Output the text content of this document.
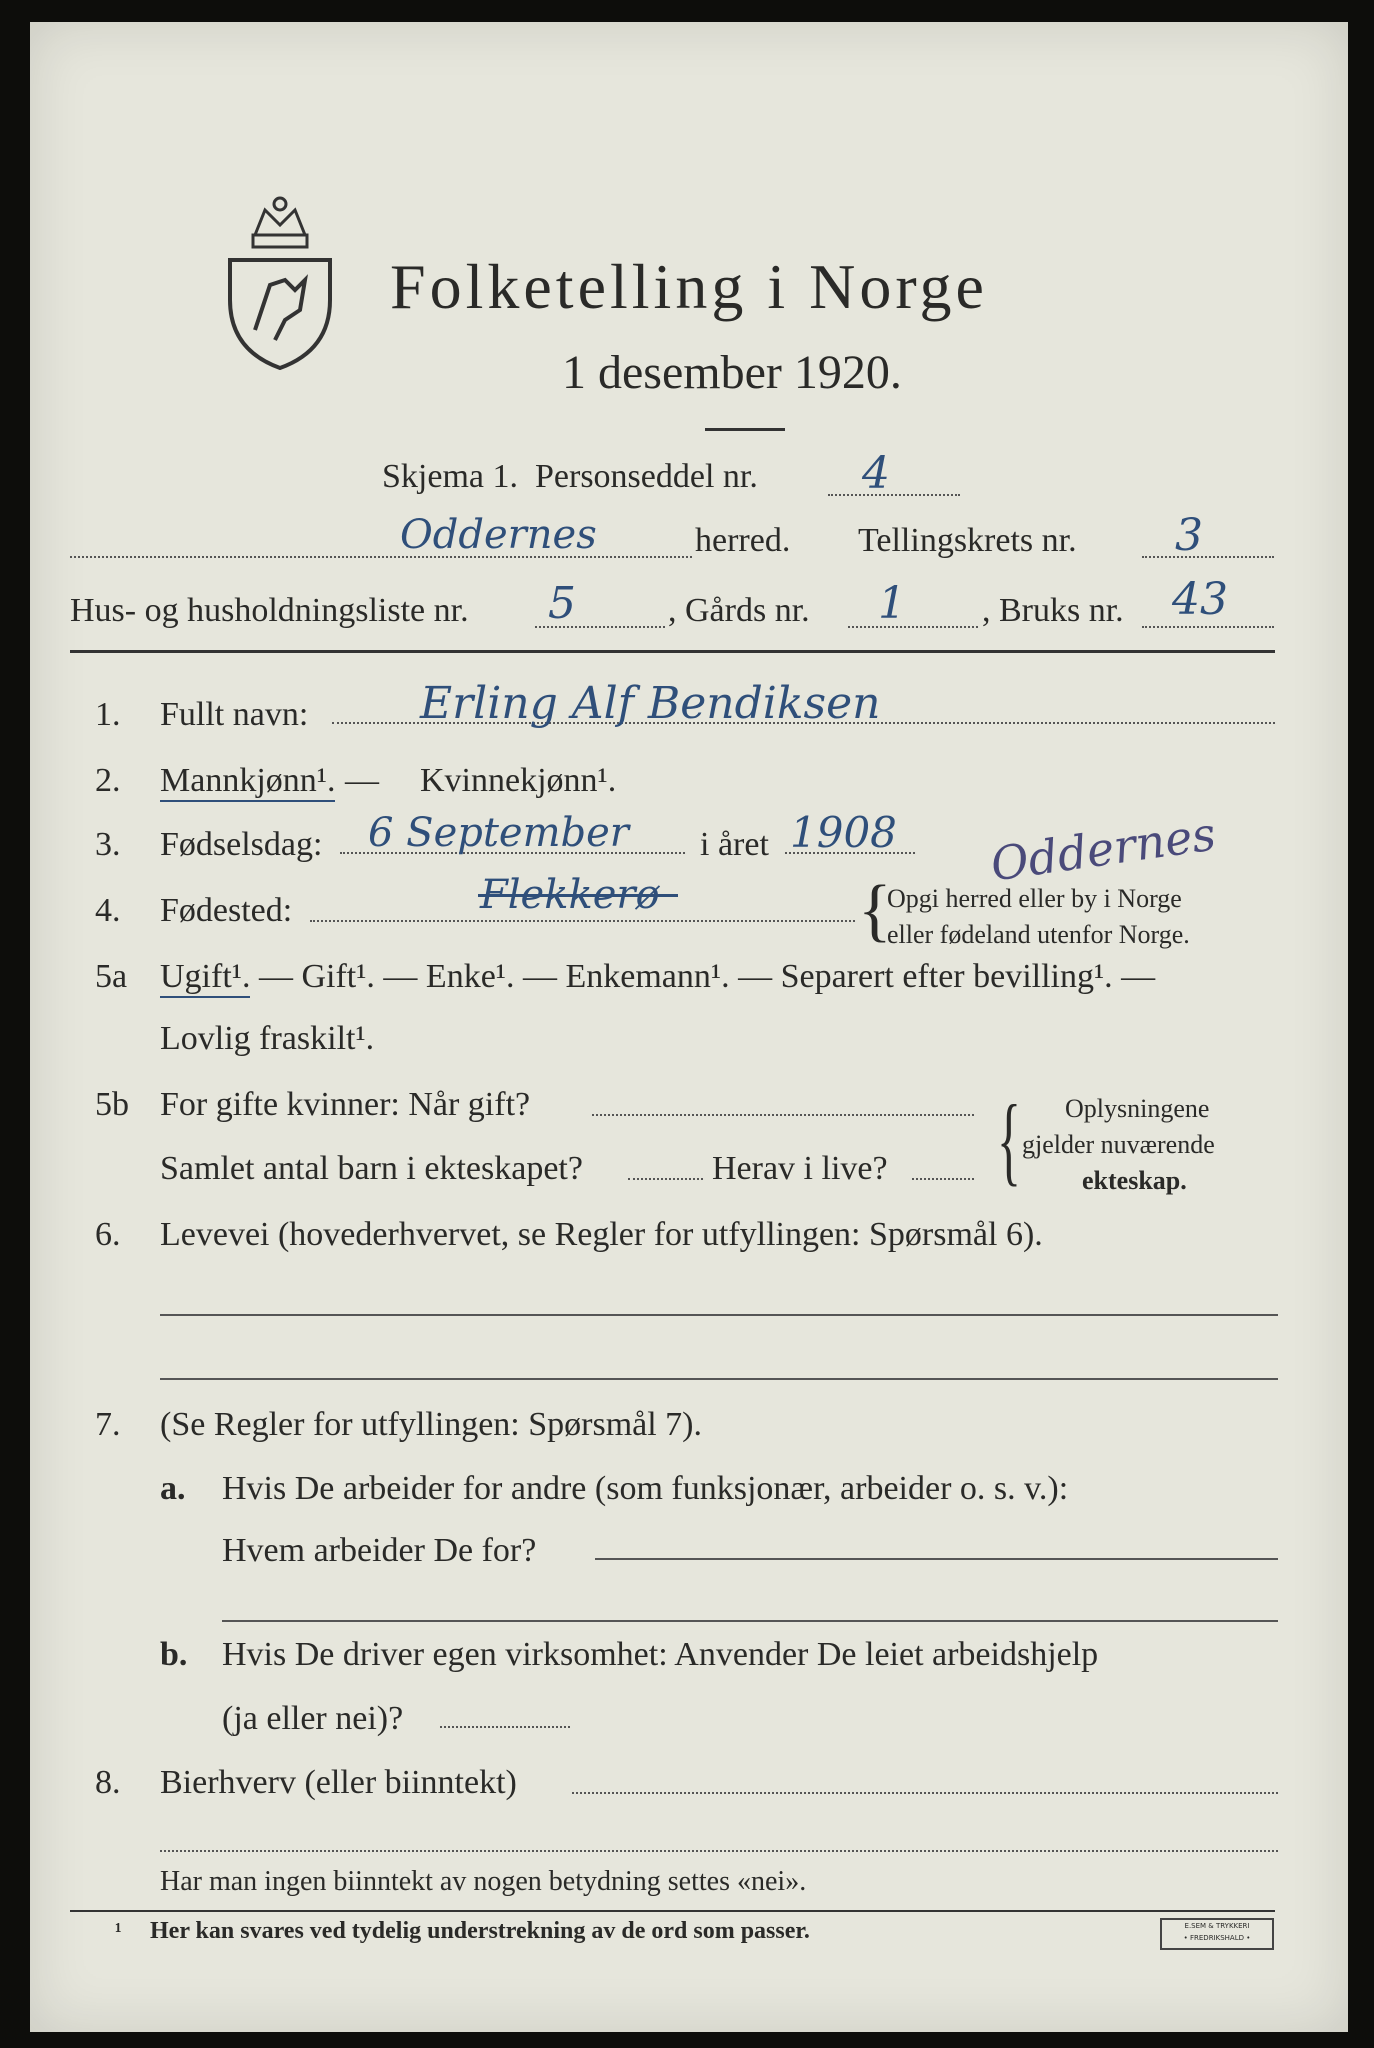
Folketelling i Norge
1 desember 1920.
Skjema 1. Personseddel nr. 4
Oddernes	herred. Tellingskrets nr. 3
Hus- og husholdningsliste nr. 5	, Gårds nr. 1 , Bruks nr. 43
1. Fullt navn:	Erling Alf Bendiksen
2. Mannkjønn¹. — Kvinnekjønn¹.
3. Fødselsdag: 6 September i året 1908 Oddernes
4. Fødested:	Flekkerø	{
Opgi herred eller by i Norge
eller fødeland utenfor Norge.
5a Ugift¹. — Gift¹. — Enke¹. — Enkemann¹. — Separert efter bevilling¹. —
Lovlig fraskilt¹.
5b For gifte kvinner: Når gift?
Samlet antal barn i ekteskapet?	Herav i live? { Oplysningene
gjelder nuværende
ekteskap.
6. Levevei (hovederhvervet, se Regler for utfyllingen: Spørsmål 6).
7. (Se Regler for utfyllingen: Spørsmål 7).
a. Hvis De arbeider for andre (som funksjonær, arbeider o. s. v.):
Hvem arbeider De for?
b. Hvis De driver egen virksomhet: Anvender De leiet arbeidshjelp
(ja eller nei)?
8. Bierhverv (eller biinntekt)
Har man ingen biinntekt av nogen betydning settes «nei».
¹ Her kan svares ved tydelig understrekning av de ord som passer.	E.SEM & TRYKKERI
• FREDRIKSHALD •
